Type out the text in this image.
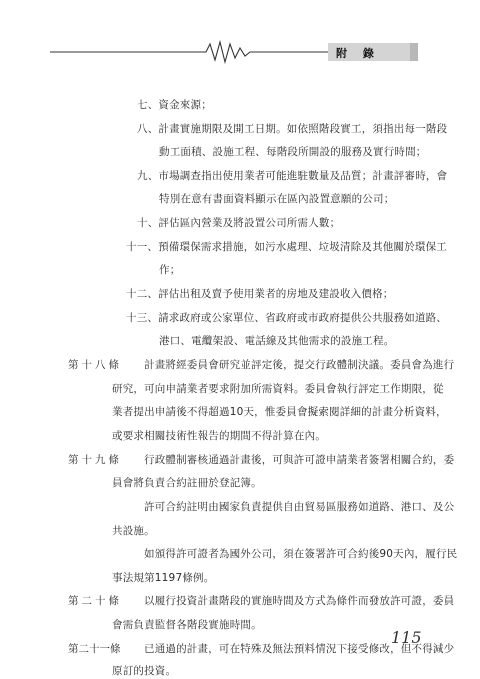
附 錄
七、資金來源；
八、計畫實施期限及開工日期。如依照階段實工，須指出每一階段
動工面積、設施工程、每階段所開設的服務及實行時間；
九、市場調查指出使用業者可能進駐數量及品質；計畫評審時，會
特別在意有書面資料顯示在區內設置意願的公司；
十、評估區內營業及將設置公司所需人數；
十一、預備環保需求措施，如污水處理、垃圾清除及其他關於環保工
作；
十二、評估出租及賣予使用業者的房地及建設收入價格；
十三、請求政府或公家單位、省政府或市政府提供公共服務如道路、
港口、電纜架設、電話線及其他需求的設施工程。
第十八條 計畫將經委員會研究並評定後，提交行政體制決議。委員會為進行
研究，可向申請業者要求附加所需資料。委員會執行評定工作期限，從
業者提出申請後不得超過10天，惟委員會擬索閱詳細的計畫分析資料，
或要求相關技術性報告的期間不得計算在內。
第十九條 行政體制審核通過計畫後，可與許可證申請業者簽署相關合約，委
員會將負責合約註冊於登記簿。
許可合約註明由國家負責提供自由貿易區服務如道路、港口、及公
共設施。
如頒得許可證者為國外公司，須在簽署許可合約後90天內，履行民
事法規第1197條例。
第二十條 以履行投資計畫階段的實施時間及方式為條件而發放許可證，委員
會需負責監督各階段實施時間。
第二十一條 已通過的計畫，可在特殊及無法預料情況下接受修改，但不得減少
原訂的投資。
115
